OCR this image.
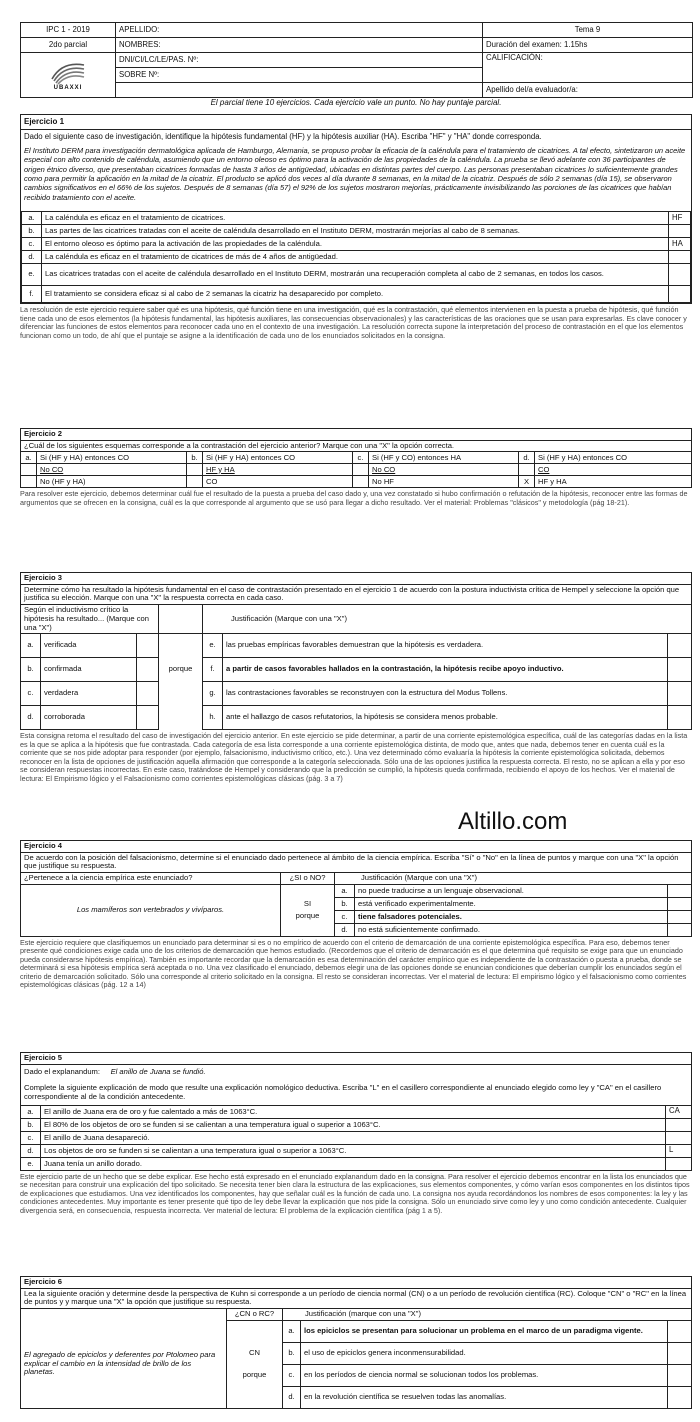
IPC 1 - 2019	APELLIDO:	Tema 9
2do parcial	NOMBRES:	Duración del examen: 1.15hs

UBAXXI	DNI/CI/LC/LE/PAS. Nº:	CALIFICACIÓN:
	SOBRE Nº:	
		Apellido del/a evaluador/a:
El parcial tiene 10 ejercicios. Cada ejercicio vale un punto. No hay puntaje parcial.
Ejercicio 1
Dado el siguiente caso de investigación, identifique la hipótesis fundamental (HF) y la hipótesis auxiliar (HA). Escriba "HF" y "HA" donde corresponda.
El Instituto DERM para investigación dermatológica aplicada de Hamburgo, Alemania, se propuso probar la eficacia de la caléndula para el tratamiento de cicatrices. A tal efecto, sintetizaron un aceite especial con alto contenido de caléndula, asumiendo que un entorno oleoso es óptimo para la activación de las propiedades de la caléndula. La prueba se llevó adelante con 36 participantes de origen étnico diverso, que presentaban cicatrices formadas de hasta 3 años de antigüedad, ubicadas en distintas partes del cuerpo. Las personas presentaban cicatrices lo suficientemente grandes como para permitir la aplicación en la mitad de la cicatriz. El producto se aplicó dos veces al día durante 8 semanas, en la mitad de la cicatriz. Después de sólo 2 semanas (día 15), se observaron cambios significativos en el 66% de los sujetos. Después de 8 semanas (día 57) el 92% de los sujetos mostraron mejorías, prácticamente invisibilizando las porciones de las cicatrices que habían recibido tratamiento con el aceite.
a.	La caléndula es eficaz en el tratamiento de cicatrices.	HF
b.	Las partes de las cicatrices tratadas con el aceite de caléndula desarrollado en el Instituto DERM, mostrarán mejorías al cabo de 8 semanas.	
c.	El entorno oleoso es óptimo para la activación de las propiedades de la caléndula.	HA
d.	La caléndula es eficaz en el tratamiento de cicatrices de más de 4 años de antigüedad.	
e.	Las cicatrices tratadas con el aceite de caléndula desarrollado en el Instituto DERM, mostrarán una recuperación completa al cabo de 2 semanas, en todos los casos.	
f.	El tratamiento se considera eficaz si al cabo de 2 semanas la cicatriz ha desaparecido por completo.	
La resolución de este ejercicio requiere saber qué es una hipótesis, qué función tiene en una investigación, qué es la contrastación, qué elementos intervienen en la puesta a prueba de hipótesis, qué función tiene cada uno de esos elementos (la hipótesis fundamental, las hipótesis auxiliares, las consecuencias observacionales) y las características de las oraciones que se usan para expresarlas. Es clave conocer y diferenciar las funciones de estos elementos para reconocer cada uno en el contexto de una investigación. La resolución correcta supone la interpretación del proceso de contrastación en el que los elementos funcionan como un todo, de ahí que el puntaje se asigne a la identificación de cada uno de los enunciados solicitados en la consigna.
Ejercicio 2							
¿Cuál de los siguientes esquemas corresponde a la contrastación del ejercicio anterior? Marque con una "X" la opción correcta.							
a.	Si (HF y HA) entonces CO	b.	Si (HF y HA) entonces CO	c.	Si (HF y CO) entonces HA	d.	Si (HF y HA) entonces CO
	No CO		HF y HA		No CO		CO
	No (HF y HA)		CO		No HF	X	HF y HA
Para resolver este ejercicio, debemos determinar cuál fue el resultado de la puesta a prueba del caso dado y, una vez constatado si hubo confirmación o refutación de la hipótesis, reconocer entre las formas de argumentos que se ofrecen en la consigna, cuál es la que corresponde al argumento que se usó para llegar a dicho resultado. Ver el material: Problemas "clásicos" y metodología (pág 18-21).
Ejercicio 3						
Determine cómo ha resultado la hipótesis fundamental en el caso de contrastación presentado en el ejercicio 1 de acuerdo con la postura inductivista crítica de Hempel y seleccione la opción que justifica su elección. Marque con una "X" la respuesta correcta en cada caso.						
Según el inductivismo crítico la hipótesis ha resultado... (Marque con una "X")				Justificación (Marque con una "X")		
a.	verificada			e.	las pruebas empíricas favorables demuestran que la hipótesis es verdadera.	
b.	confirmada		porque	f.	a partir de casos favorables hallados en la contrastación, la hipótesis recibe apoyo inductivo.	
c.	verdadera			g.	las contrastaciones favorables se reconstruyen con la estructura del Modus Tollens.	
d.	corroborada			h.	ante el hallazgo de casos refutatorios, la hipótesis se considera menos probable.	
Esta consigna retoma el resultado del caso de investigación del ejercicio anterior. En este ejercicio se pide determinar, a partir de una corriente epistemológica específica, cuál de las categorías dadas en la lista es la que se aplica a la hipótesis que fue contrastada. Cada categoría de esa lista corresponde a una corriente epistemológica distinta, de modo que, antes que nada, debemos tener en cuenta cuál es la corriente que se nos pide adoptar para responder (por ejemplo, falsacionismo, inductivismo crítico, etc.). Una vez determinado cómo evaluaría la hipótesis la corriente epistemológica solicitada, debemos reconocer en la lista de opciones de justificación aquella afirmación que corresponde a la categoría seleccionada. Sólo una de las opciones justifica la respuesta correcta. El resto, no se aplican a ella y por eso se consideran respuestas incorrectas. En este caso, tratándose de Hempel y considerando que la predicción se cumplió, la hipótesis queda confirmada, recibiendo el apoyo de los hechos. Ver el material de lectura: El Empirismo lógico y el Falsacionismo como corrientes epistemológicas clásicas (pág. 3 a 7)
Altillo.com
Ejercicio 4				
De acuerdo con la posición del falsacionismo, determine si el enunciado dado pertenece al ámbito de la ciencia empírica. Escriba "Sí" o "No" en la línea de puntos y marque con una "X" la opción que justifique su respuesta.				
¿Pertenece a la ciencia empírica este enunciado?	¿SI o NO?	Justificación (Marque con una "X")		
Los mamíferos son vertebrados y vivíparos.	SI
porque	a.	no puede traducirse a un lenguaje observacional.	
		b.	está verificado experimentalmente.	
		c.	tiene falsadores potenciales.	
		d.	no está suficientemente confirmado.	
Este ejercicio requiere que clasifiquemos un enunciado para determinar si es o no empírico de acuerdo con el criterio de demarcación de una corriente epistemológica específica. Para eso, debemos tener presente qué condiciones exige cada uno de los criterios de demarcación que hemos estudiado. (Recordemos que el criterio de demarcación es el que determina qué requisito se exige para que un enunciado pueda considerarse hipótesis empírica). También es importante recordar que la demarcación es esa determinación del carácter empírico que es independiente de la contrastación o puesta a prueba, donde se determinará si esa hipótesis empírica será aceptada o no. Una vez clasificado el enunciado, debemos elegir una de las opciones donde se enuncian condiciones que deberían cumplir los enunciados según el criterio de demarcación solicitado. Sólo una corresponde al criterio solicitado en la consigna. El resto se consideran incorrectas. Ver el material de lectura: El empirismo lógico y el falsacionismo como corrientes epistemológicas clásicas (pág. 12 a 14)
Ejercicio 5		
Dado el explanandum: El anillo de Juana se fundió.
Complete la siguiente explicación de modo que resulte una explicación nomológico deductiva. Escriba "L" en el casillero correspondiente al enunciado elegido como ley y "CA" en el casillero correspondiente al de la condición antecedente.		

a.	El anillo de Juana era de oro y fue calentado a más de 1063°C.	CA
b.	El 80% de los objetos de oro se funden si se calientan a una temperatura igual o superior a 1063°C.	
c.	El anillo de Juana desapareció.	
d.	Los objetos de oro se funden si se calientan a una temperatura igual o superior a 1063°C.	L
e.	Juana tenía un anillo dorado.	
Este ejercicio parte de un hecho que se debe explicar. Ese hecho está expresado en el enunciado explanandum dado en la consigna. Para resolver el ejercicio debemos encontrar en la lista los enunciados que se necesitan para construir una explicación del tipo solicitado. Se necesita tener bien clara la estructura de las explicaciones, sus elementos componentes, y cómo varían esos componentes en los distintos tipos de explicaciones que estudiamos. Una vez identificados los componentes, hay que señalar cuál es la función de cada uno. La consigna nos ayuda recordándonos los nombres de esos componentes: la ley y las condiciones antecedentes. Muy importante es tener presente qué tipo de ley debe llevar la explicación que nos pide la consigna. Sólo un enunciado sirve como ley y uno como condición antecedente. Cualquier divergencia será, en consecuencia, respuesta incorrecta. Ver material de lectura: El problema de la explicación científica (pág 1 a 5).
Ejercicio 6				
Lea la siguiente oración y determine desde la perspectiva de Kuhn si corresponde a un período de ciencia normal (CN) o a un período de revolución científica (RC). Coloque "CN" o "RC" en la línea de puntos y y marque una "X" la opción que justifique su respuesta.				
	¿CN o RC?	Justificación (marque con una "X")		
El agregado de epiciclos y deferentes por Ptolomeo para explicar el cambio en la intensidad de brillo de los planetas.	CN
porque	a.	los epiciclos se presentan para solucionar un problema en el marco de un paradigma vigente.	
		b.	el uso de epiciclos genera inconmensurabilidad.	
		c.	en los períodos de ciencia normal se solucionan todos los problemas.	
		d.	en la revolución científica se resuelven todas las anomalías.	
